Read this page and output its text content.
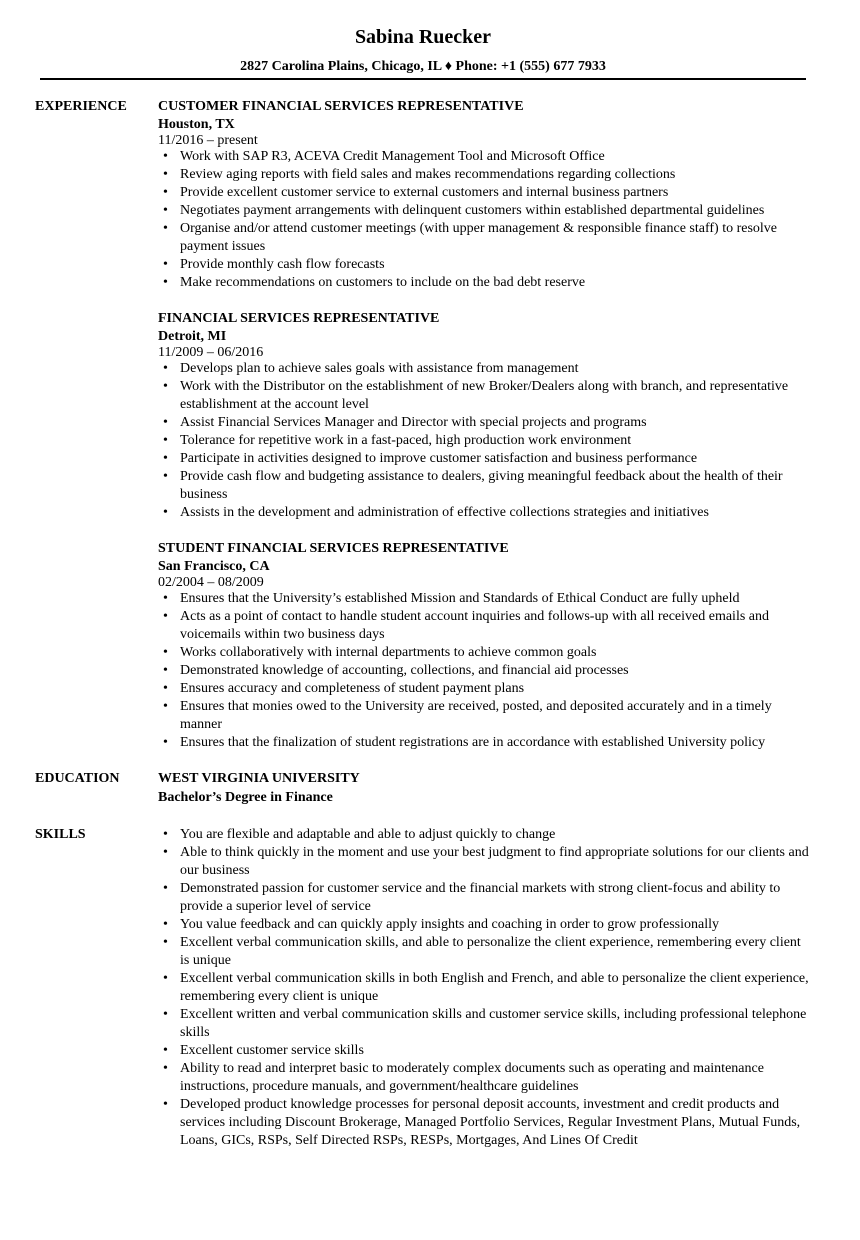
Sabina Ruecker
2827 Carolina Plains, Chicago, IL ♦ Phone: +1 (555) 677 7933
EXPERIENCE CUSTOMER FINANCIAL SERVICES REPRESENTATIVE
Houston, TX
11/2016 – present
• Work with SAP R3, ACEVA Credit Management Tool and Microsoft Office
• Review aging reports with field sales and makes recommendations regarding collections
• Provide excellent customer service to external customers and internal business partners
• Negotiates payment arrangements with delinquent customers within established departmental guidelines
• Organise and/or attend customer meetings (with upper management & responsible finance staff) to resolve payment issues
• Provide monthly cash flow forecasts
• Make recommendations on customers to include on the bad debt reserve
FINANCIAL SERVICES REPRESENTATIVE
Detroit, MI
11/2009 – 06/2016
• Develops plan to achieve sales goals with assistance from management
• Work with the Distributor on the establishment of new Broker/Dealers along with branch, and representative establishment at the account level
• Assist Financial Services Manager and Director with special projects and programs
• Tolerance for repetitive work in a fast-paced, high production work environment
• Participate in activities designed to improve customer satisfaction and business performance
• Provide cash flow and budgeting assistance to dealers, giving meaningful feedback about the health of their business
• Assists in the development and administration of effective collections strategies and initiatives
STUDENT FINANCIAL SERVICES REPRESENTATIVE
San Francisco, CA
02/2004 – 08/2009
• Ensures that the University’s established Mission and Standards of Ethical Conduct are fully upheld
• Acts as a point of contact to handle student account inquiries and follows-up with all received emails and voicemails within two business days
• Works collaboratively with internal departments to achieve common goals
• Demonstrated knowledge of accounting, collections, and financial aid processes
• Ensures accuracy and completeness of student payment plans
• Ensures that monies owed to the University are received, posted, and deposited accurately and in a timely manner
• Ensures that the finalization of student registrations are in accordance with established University policy
EDUCATION	WEST VIRGINIA UNIVERSITY
Bachelor’s Degree in Finance
SKILLS
•	You are flexible and adaptable and able to adjust quickly to change
• Able to think quickly in the moment and use your best judgment to find appropriate solutions for our clients and our business
• Demonstrated passion for customer service and the financial markets with strong client-focus and ability to provide a superior level of service
• You value feedback and can quickly apply insights and coaching in order to grow professionally
• Excellent verbal communication skills, and able to personalize the client experience, remembering every client is unique
• Excellent verbal communication skills in both English and French, and able to personalize the client experience, remembering every client is unique
• Excellent written and verbal communication skills and customer service skills, including professional telephone skills
• Excellent customer service skills
• Ability to read and interpret basic to moderately complex documents such as operating and maintenance instructions, procedure manuals, and government/healthcare guidelines
• Developed product knowledge processes for personal deposit accounts, investment and credit products and services including Discount Brokerage, Managed Portfolio Services, Regular Investment Plans, Mutual Funds, Loans, GICs, RSPs, Self Directed RSPs, RESPs, Mortgages, And Lines Of Credit
